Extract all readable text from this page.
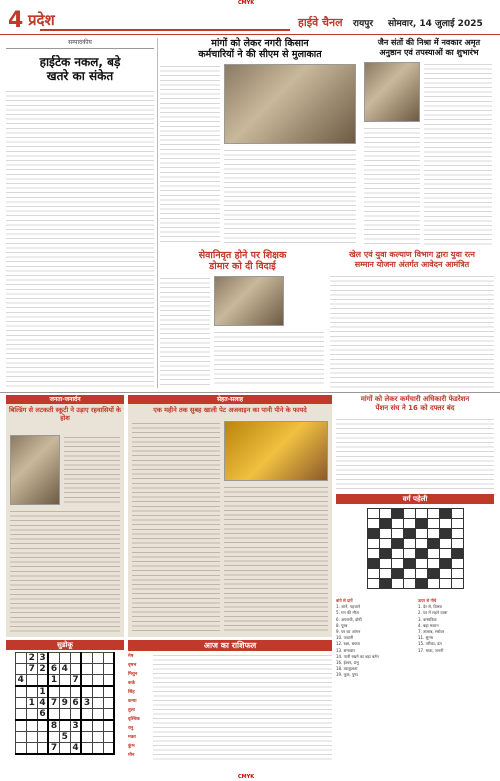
CMYK
CMYK
4 प्रदेश	हाईवे चैनल रायपुर सोमवार, 14 जुलाई 2025
सम्पादकीय
हाईटेक नकल, बड़े
खतरे का संकेत
मांगों को लेकर नगरी किसान
कर्मचारियों ने की सीएम से मुलाकात
जैन संतों की निश्रा में नवकार अमृत
अनुष्ठान एवं तपस्याओं का शुभारंभ
सेवानिवृत होने पर शिक्षक
डोमार को दी विदाई
खेल एवं युवा कल्याण विभाग द्वारा युवा रत्न
सम्मान योजना अंतर्गत आवेदन आमंत्रित
जनता-जनार्दन
बिल्डिंग से लटकती स्कूटी ने उड़ाए रहवासियों के होश
सेहत-सलाह
एक महीने तक सुबह खाली पेट अजवाइन का पानी पीने के फायदे
मांगों को लेकर कर्मचारी अधिकारी फेडरेशन
पेंशन संघ ने 16 को दफ्तर बंद
वर्ग पहेली

बांये से दायें
1. जानें, पहचाने
5. मन की मौज
6. अपराधी, दोषी
8. पूरब
9. घर का आंगन
10. जवानी
12. रक्षा, बचाव
13. समाचार
14. पानी रखने का बड़ा बर्तन
16. ईश्वर, प्रभु
18. व्याकुलता
19. फूल, पुष्प
ऊपर से नीचे
1. देर से, विलंब
2. घर में लड़ने वाला
3. वास्तविक
4. बड़ा मकान
7. तालाब, सरोवर
11. सुगंध
15. तरीका, ढंग
17. माता, जननी
सुडोकू
	2	3						
	7	2	6	4				
4			1		7			
		1						
	1	4	7	9	6	3		
		6						
			8		3			
				5				
			7		4			
आज का राशिफल
मेष
वृषभ
मिथुन
कर्क
सिंह
कन्या
तुला
वृश्चिक
धनु
मकर
कुंभ
मीन
